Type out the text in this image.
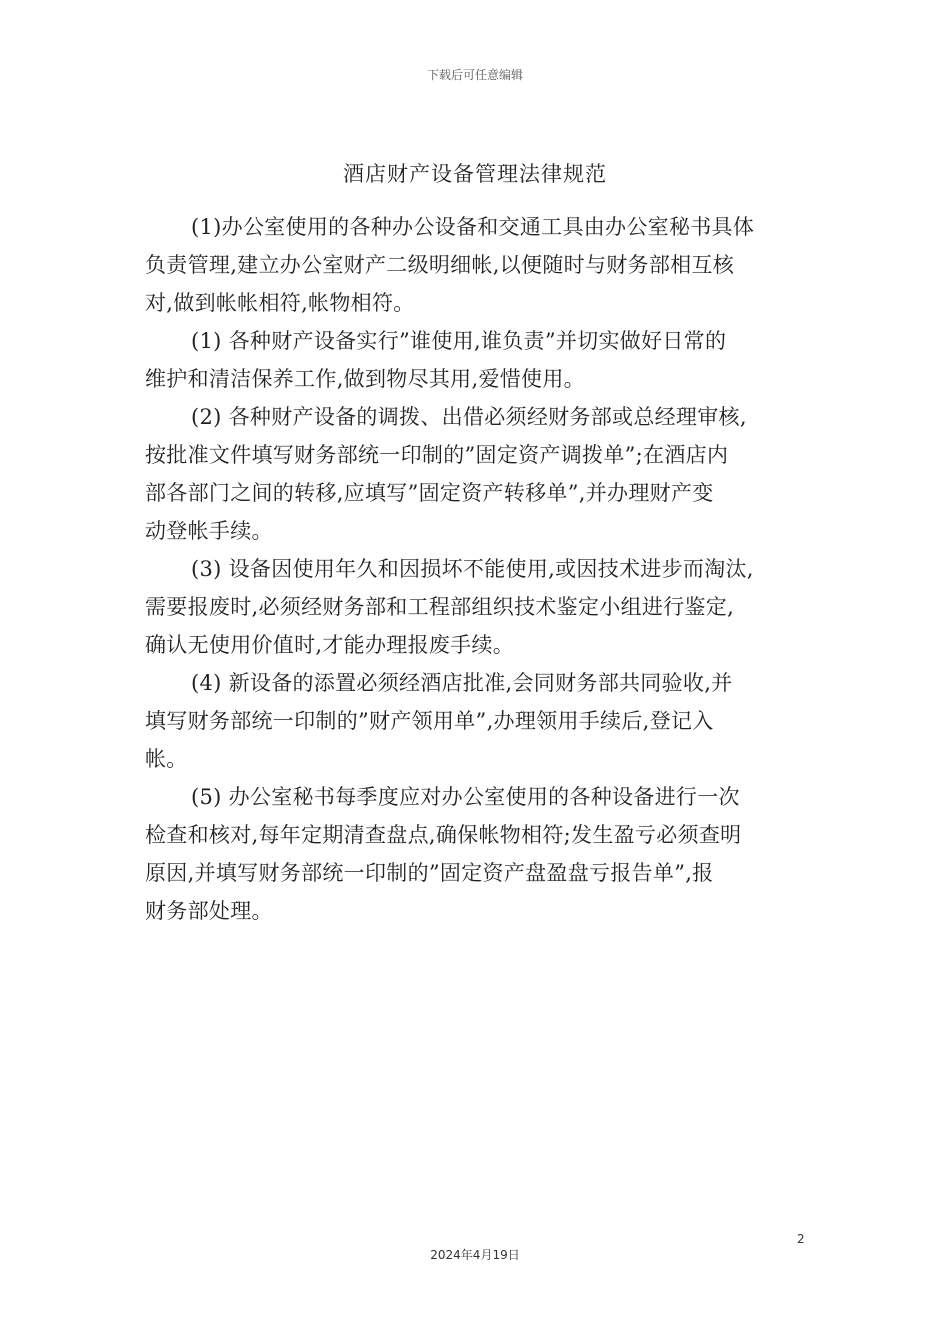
下载后可任意编辑
酒店财产设备管理法律规范
(1)办公室使用的各种办公设备和交通工具由办公室秘书具体
负责管理,建立办公室财产二级明细帐,以便随时与财务部相互核
对,做到帐帐相符,帐物相符。
(1) 各种财产设备实行”谁使用,谁负责”并切实做好日常的
维护和清洁保养工作,做到物尽其用,爱惜使用。
(2) 各种财产设备的调拨、出借必须经财务部或总经理审核,
按批准文件填写财务部统一印制的”固定资产调拨单”;在酒店内
部各部门之间的转移,应填写”固定资产转移单”,并办理财产变
动登帐手续。
(3) 设备因使用年久和因损坏不能使用,或因技术进步而淘汰,
需要报废时,必须经财务部和工程部组织技术鉴定小组进行鉴定,
确认无使用价值时,才能办理报废手续。
(4) 新设备的添置必须经酒店批准,会同财务部共同验收,并
填写财务部统一印制的”财产领用单”,办理领用手续后,登记入
帐。
(5) 办公室秘书每季度应对办公室使用的各种设备进行一次
检查和核对,每年定期清查盘点,确保帐物相符;发生盈亏必须查明
原因,并填写财务部统一印制的”固定资产盘盈盘亏报告单”,报
财务部处理。
2
2024年4月19日
